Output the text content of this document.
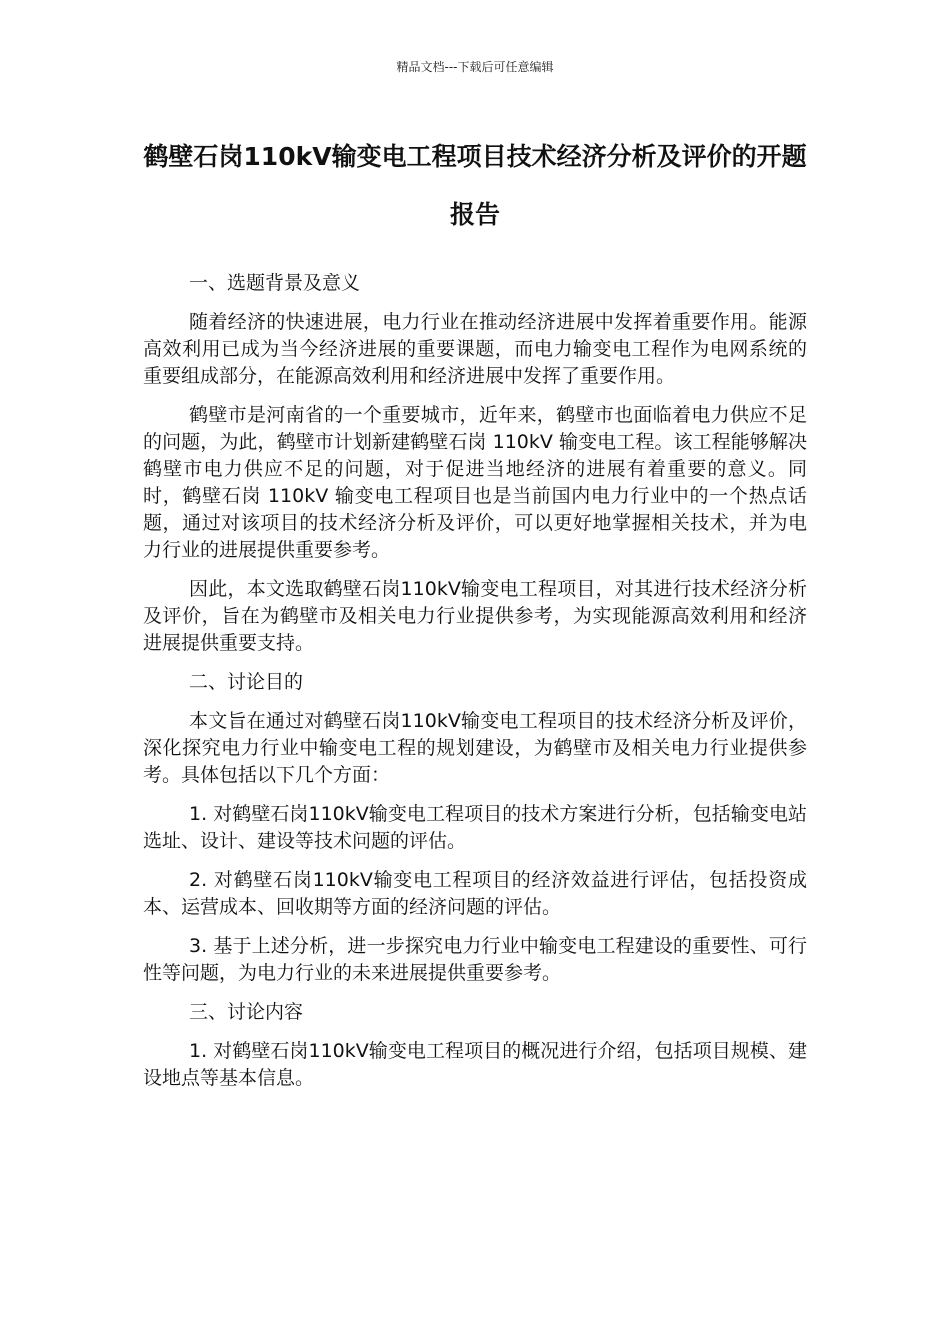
精品文档---下载后可任意编辑
鹤壁石岗110kV输变电工程项目技术经济分析及评价的开题报告

一、选题背景及意义

随着经济的快速进展，电力行业在推动经济进展中发挥着重要作用。能源高效利用已成为当今经济进展的重要课题，而电力输变电工程作为电网系统的重要组成部分，在能源高效利用和经济进展中发挥了重要作用。

鹤壁市是河南省的一个重要城市，近年来，鹤壁市也面临着电力供应不足的问题，为此，鹤壁市计划新建鹤壁石岗 110kV 输变电工程。该工程能够解决鹤壁市电力供应不足的问题，对于促进当地经济的进展有着重要的意义。同时，鹤壁石岗 110kV 输变电工程项目也是当前国内电力行业中的一个热点话题，通过对该项目的技术经济分析及评价，可以更好地掌握相关技术，并为电力行业的进展提供重要参考。

因此，本文选取鹤壁石岗110kV输变电工程项目，对其进行技术经济分析及评价，旨在为鹤壁市及相关电力行业提供参考，为实现能源高效利用和经济进展提供重要支持。

二、讨论目的

本文旨在通过对鹤壁石岗110kV输变电工程项目的技术经济分析及评价，深化探究电力行业中输变电工程的规划建设，为鹤壁市及相关电力行业提供参考。具体包括以下几个方面：

1. 对鹤壁石岗110kV输变电工程项目的技术方案进行分析，包括输变电站选址、设计、建设等技术问题的评估。

2. 对鹤壁石岗110kV输变电工程项目的经济效益进行评估，包括投资成本、运营成本、回收期等方面的经济问题的评估。

3. 基于上述分析，进一步探究电力行业中输变电工程建设的重要性、可行性等问题，为电力行业的未来进展提供重要参考。

三、讨论内容

1. 对鹤壁石岗110kV输变电工程项目的概况进行介绍，包括项目规模、建设地点等基本信息。
